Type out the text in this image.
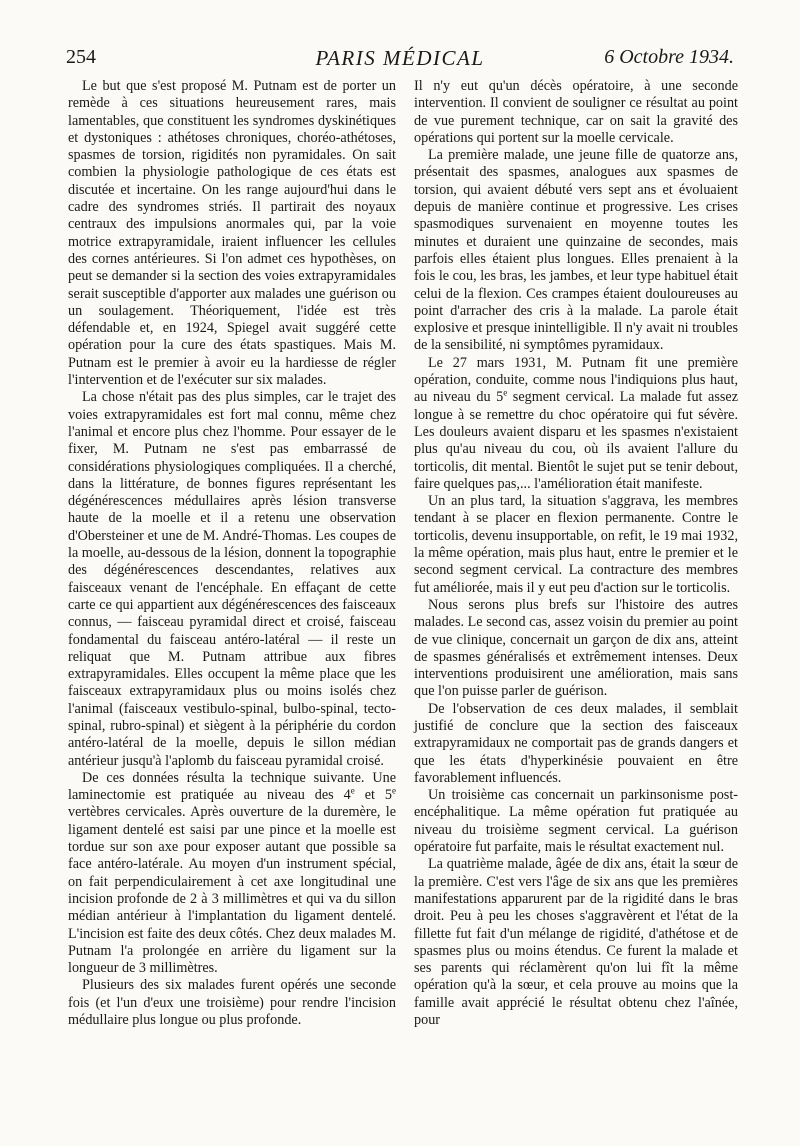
254	PARIS MÉDICAL	6 Octobre 1934.

Le but que s'est proposé M. Putnam est de porter un remède à ces situations heureusement rares, mais lamentables, que constituent les syndromes dyskinétiques et dystoniques : athétoses chroniques, choréo-athétoses, spasmes de torsion, rigidités non pyramidales. On sait combien la physiologie pathologique de ces états est discutée et incertaine. On les range aujourd'hui dans le cadre des syndromes striés. Il partirait des noyaux centraux des impulsions anormales qui, par la voie motrice extrapyramidale, iraient influencer les cellules des cornes antérieures. Si l'on admet ces hypothèses, on peut se demander si la section des voies extrapyramidales serait susceptible d'apporter aux malades une guérison ou un soulagement. Théoriquement, l'idée est très défendable et, en 1924, Spiegel avait suggéré cette opération pour la cure des états spastiques. Mais M. Putnam est le premier à avoir eu la hardiesse de régler l'intervention et de l'exécuter sur six malades.

La chose n'était pas des plus simples, car le trajet des voies extrapyramidales est fort mal connu, même chez l'animal et encore plus chez l'homme. Pour essayer de le fixer, M. Putnam ne s'est pas embarrassé de considérations physiologiques compliquées. Il a cherché, dans la littérature, de bonnes figures représentant les dégénérescences médullaires après lésion transverse haute de la moelle et il a retenu une observation d'Obersteiner et une de M. André-Thomas. Les coupes de la moelle, au-dessous de la lésion, donnent la topographie des dégénérescences descendantes, relatives aux faisceaux venant de l'encéphale. En effaçant de cette carte ce qui appartient aux dégénérescences des faisceaux connus, — faisceau pyramidal direct et croisé, faisceau fondamental du faisceau antéro-latéral — il reste un reliquat que M. Putnam attribue aux fibres extrapyramidales. Elles occupent la même place que les faisceaux extrapyramidaux plus ou moins isolés chez l'animal (faisceaux vestibulo-spinal, bulbo-spinal, tecto-spinal, rubro-spinal) et siègent à la périphérie du cordon antéro-latéral de la moelle, depuis le sillon médian antérieur jusqu'à l'aplomb du faisceau pyramidal croisé.

De ces données résulta la technique suivante. Une laminectomie est pratiquée au niveau des 4e et 5e vertèbres cervicales. Après ouverture de la duremère, le ligament dentelé est saisi par une pince et la moelle est tordue sur son axe pour exposer autant que possible sa face antéro-latérale. Au moyen d'un instrument spécial, on fait perpendiculairement à cet axe longitudinal une incision profonde de 2 à 3 millimètres et qui va du sillon médian antérieur à l'implantation du ligament dentelé. L'incision est faite des deux côtés. Chez deux malades M. Putnam l'a prolongée en arrière du ligament sur la longueur de 3 millimètres.

Plusieurs des six malades furent opérés une seconde fois (et l'un d'eux une troisième) pour rendre l'incision médullaire plus longue ou plus profonde.

Il n'y eut qu'un décès opératoire, à une seconde intervention. Il convient de souligner ce résultat au point de vue purement technique, car on sait la gravité des opérations qui portent sur la moelle cervicale.

La première malade, une jeune fille de quatorze ans, présentait des spasmes, analogues aux spasmes de torsion, qui avaient débuté vers sept ans et évoluaient depuis de manière continue et progressive. Les crises spasmodiques survenaient en moyenne toutes les minutes et duraient une quinzaine de secondes, mais parfois elles étaient plus longues. Elles prenaient à la fois le cou, les bras, les jambes, et leur type habituel était celui de la flexion. Ces crampes étaient douloureuses au point d'arracher des cris à la malade. La parole était explosive et presque inintelligible. Il n'y avait ni troubles de la sensibilité, ni symptômes pyramidaux.

Le 27 mars 1931, M. Putnam fit une première opération, conduite, comme nous l'indiquions plus haut, au niveau du 5e segment cervical. La malade fut assez longue à se remettre du choc opératoire qui fut sévère. Les douleurs avaient disparu et les spasmes n'existaient plus qu'au niveau du cou, où ils avaient l'allure du torticolis, dit mental. Bientôt le sujet put se tenir debout, faire quelques pas,... l'amélioration était manifeste.

Un an plus tard, la situation s'aggrava, les membres tendant à se placer en flexion permanente. Contre le torticolis, devenu insupportable, on refit, le 19 mai 1932, la même opération, mais plus haut, entre le premier et le second segment cervical. La contracture des membres fut améliorée, mais il y eut peu d'action sur le torticolis.

Nous serons plus brefs sur l'histoire des autres malades. Le second cas, assez voisin du premier au point de vue clinique, concernait un garçon de dix ans, atteint de spasmes généralisés et extrêmement intenses. Deux interventions produisirent une amélioration, mais sans que l'on puisse parler de guérison.

De l'observation de ces deux malades, il semblait justifié de conclure que la section des faisceaux extrapyramidaux ne comportait pas de grands dangers et que les états d'hyperkinésie pouvaient en être favorablement influencés.

Un troisième cas concernait un parkinsonisme post-encéphalitique. La même opération fut pratiquée au niveau du troisième segment cervical. La guérison opératoire fut parfaite, mais le résultat exactement nul.

La quatrième malade, âgée de dix ans, était la sœur de la première. C'est vers l'âge de six ans que les premières manifestations apparurent par de la rigidité dans le bras droit. Peu à peu les choses s'aggravèrent et l'état de la fillette fut fait d'un mélange de rigidité, d'athétose et de spasmes plus ou moins étendus. Ce furent la malade et ses parents qui réclamèrent qu'on lui fît la même opération qu'à la sœur, et cela prouve au moins que la famille avait apprécié le résultat obtenu chez l'aînée, pour
